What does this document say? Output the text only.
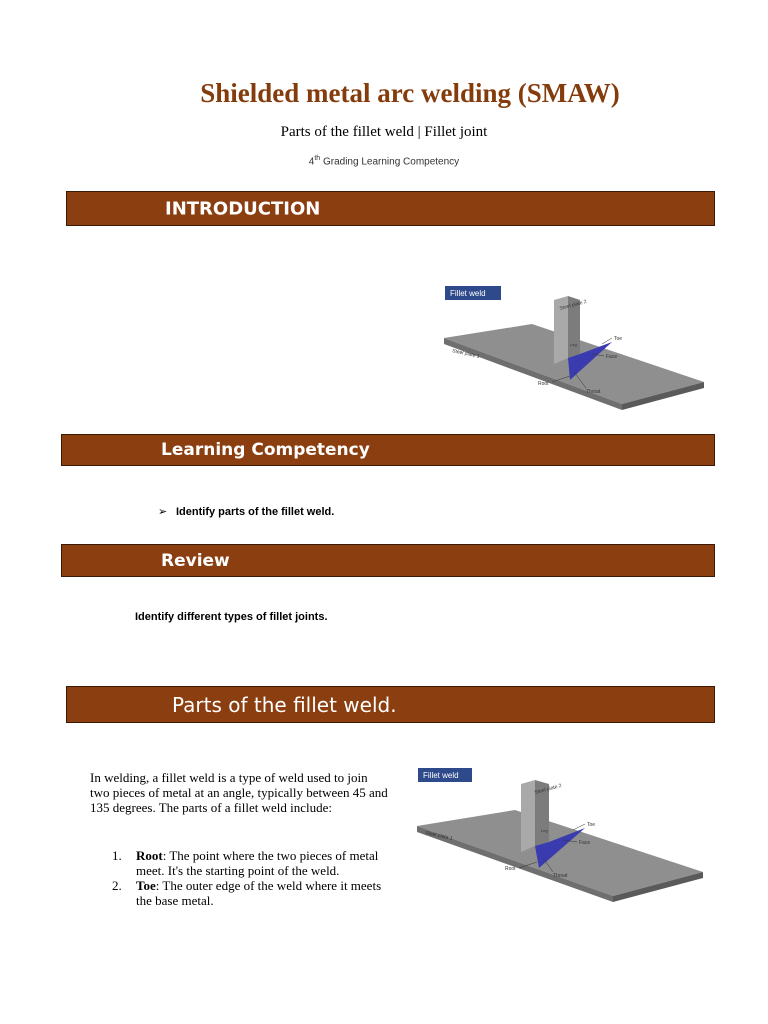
Shielded metal arc welding (SMAW)
Parts of the fillet weld | Fillet joint
4th Grading Learning Competency
INTRODUCTION
Fillet weld
Steel plate 1
Steel plate 2
Toe
Face
Root
Throat
Leg
Learning Competency
➢ Identify parts of the fillet weld.
Review
Identify different types of fillet joints.
Parts of the fillet weld.
In welding, a fillet weld is a type of weld used to join two pieces of metal at an angle, typically between 45 and 135 degrees. The parts of a fillet weld include:
1. Root: The point where the two pieces of metal meet. It's the starting point of the weld.
2. Toe: The outer edge of the weld where it meets the base metal.
Fillet weld
Steel plate 1
Steel plate 2
Toe
Face
Root
Throat
Leg
